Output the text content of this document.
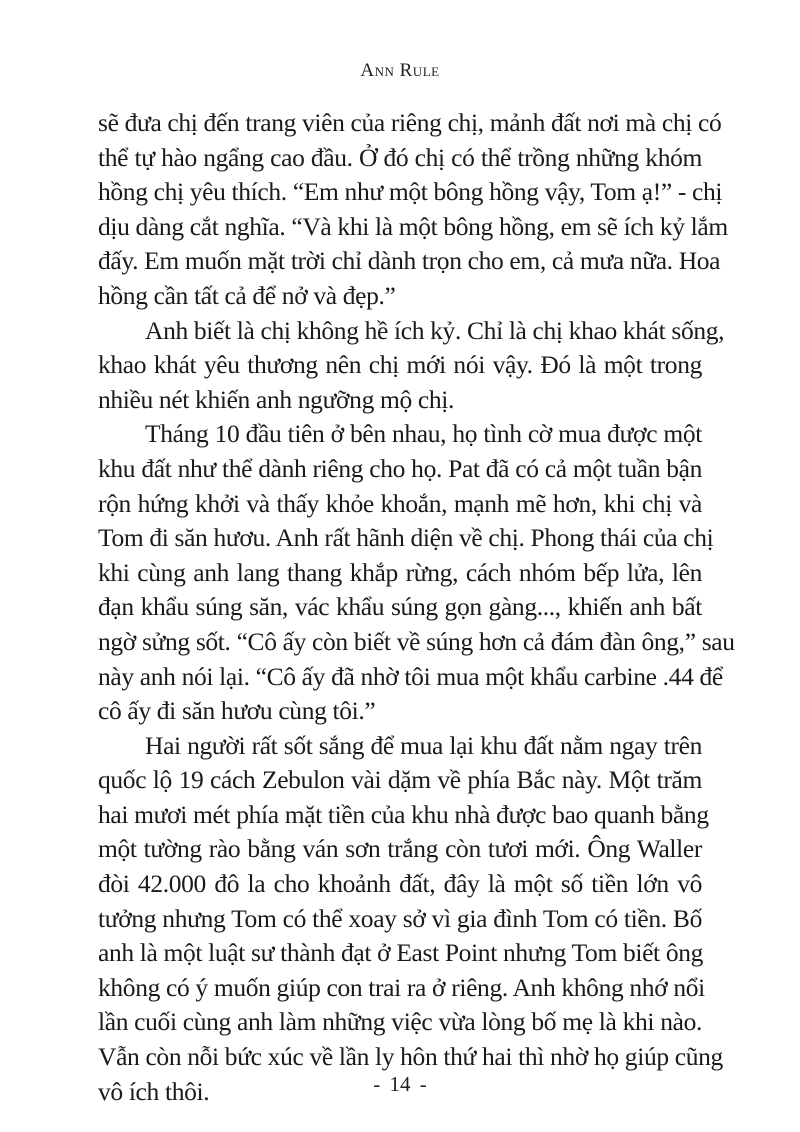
Ann Rule
sẽ đưa chị đến trang viên của riêng chị, mảnh đất nơi mà chị có
thể tự hào ngẩng cao đầu. Ở đó chị có thể trồng những khóm
hồng chị yêu thích. “Em như một bông hồng vậy, Tom ạ!” - chị
dịu dàng cắt nghĩa. “Và khi là một bông hồng, em sẽ ích kỷ lắm
đấy. Em muốn mặt trời chỉ dành trọn cho em, cả mưa nữa. Hoa
hồng cần tất cả để nở và đẹp.”
Anh biết là chị không hề ích kỷ. Chỉ là chị khao khát sống,
khao khát yêu thương nên chị mới nói vậy. Đó là một trong
nhiều nét khiến anh ngưỡng mộ chị.
Tháng 10 đầu tiên ở bên nhau, họ tình cờ mua được một
khu đất như thể dành riêng cho họ. Pat đã có cả một tuần bận
rộn hứng khởi và thấy khỏe khoắn, mạnh mẽ hơn, khi chị và
Tom đi săn hươu. Anh rất hãnh diện về chị. Phong thái của chị
khi cùng anh lang thang khắp rừng, cách nhóm bếp lửa, lên
đạn khẩu súng săn, vác khẩu súng gọn gàng..., khiến anh bất
ngờ sửng sốt. “Cô ấy còn biết về súng hơn cả đám đàn ông,” sau
này anh nói lại. “Cô ấy đã nhờ tôi mua một khẩu carbine .44 để
cô ấy đi săn hươu cùng tôi.”
Hai người rất sốt sắng để mua lại khu đất nằm ngay trên
quốc lộ 19 cách Zebulon vài dặm về phía Bắc này. Một trăm
hai mươi mét phía mặt tiền của khu nhà được bao quanh bằng
một tường rào bằng ván sơn trắng còn tươi mới. Ông Waller
đòi 42.000 đô la cho khoảnh đất, đây là một số tiền lớn vô
tưởng nhưng Tom có thể xoay sở vì gia đình Tom có tiền. Bố
anh là một luật sư thành đạt ở East Point nhưng Tom biết ông
không có ý muốn giúp con trai ra ở riêng. Anh không nhớ nổi
lần cuối cùng anh làm những việc vừa lòng bố mẹ là khi nào.
Vẫn còn nỗi bức xúc về lần ly hôn thứ hai thì nhờ họ giúp cũng
vô ích thôi.	- 14 -
